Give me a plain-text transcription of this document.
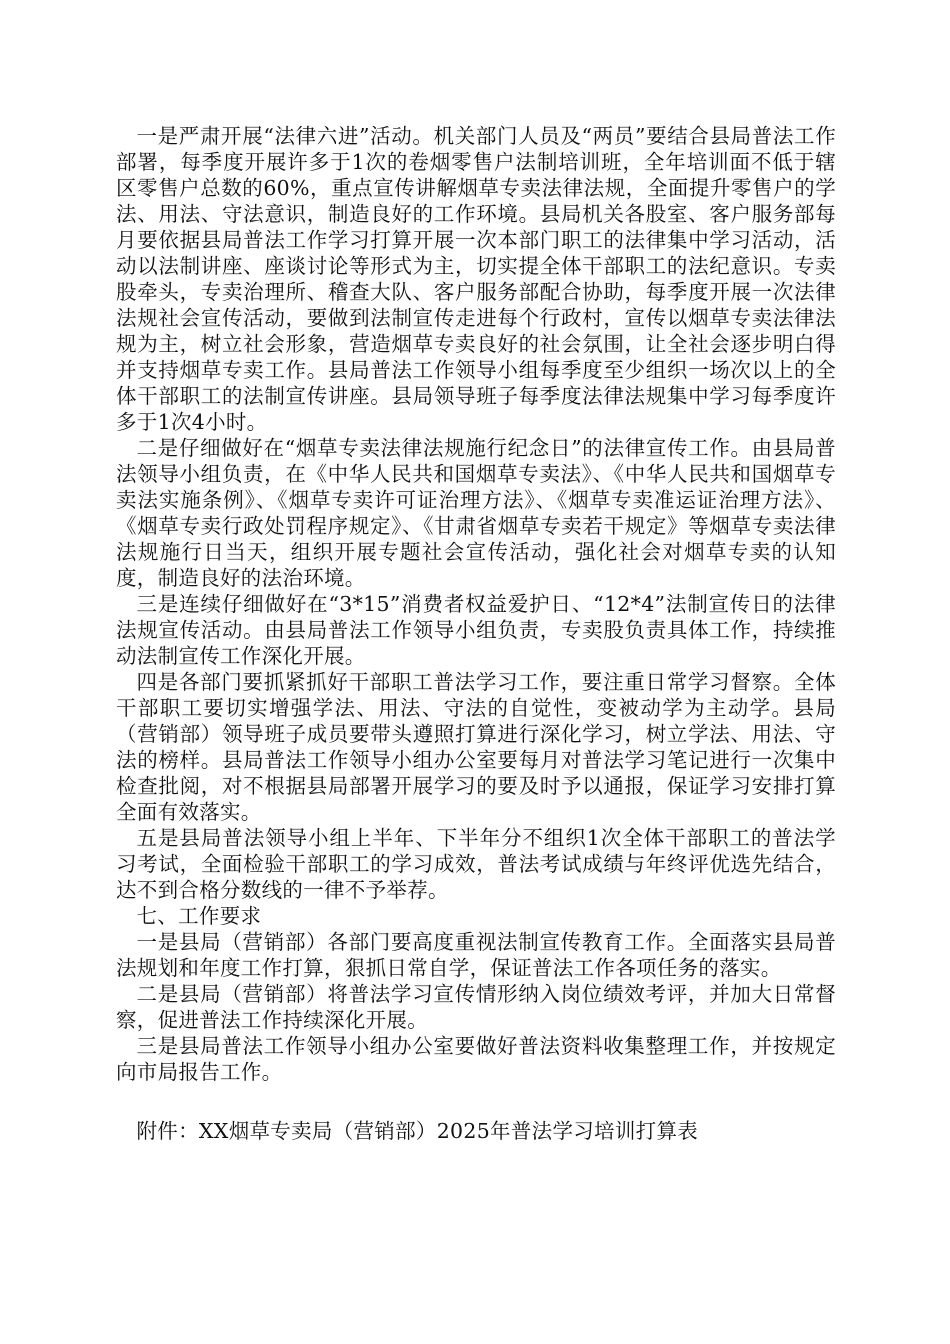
一是严肃开展“法律六进”活动。机关部门人员及“两员”要结合县局普法工作部署，每季度开展许多于1次的卷烟零售户法制培训班，全年培训面不低于辖区零售户总数的60%，重点宣传讲解烟草专卖法律法规，全面提升零售户的学法、用法、守法意识，制造良好的工作环境。县局机关各股室、客户服务部每月要依据县局普法工作学习打算开展一次本部门职工的法律集中学习活动，活动以法制讲座、座谈讨论等形式为主，切实提全体干部职工的法纪意识。专卖股牵头，专卖治理所、稽查大队、客户服务部配合协助，每季度开展一次法律法规社会宣传活动，要做到法制宣传走进每个行政村，宣传以烟草专卖法律法规为主，树立社会形象，营造烟草专卖良好的社会氛围，让全社会逐步明白得并支持烟草专卖工作。县局普法工作领导小组每季度至少组织一场次以上的全体干部职工的法制宣传讲座。县局领导班子每季度法律法规集中学习每季度许多于1次4小时。

二是仔细做好在“烟草专卖法律法规施行纪念日”的法律宣传工作。由县局普法领导小组负责，在《中华人民共和国烟草专卖法》、《中华人民共和国烟草专卖法实施条例》、《烟草专卖许可证治理方法》、《烟草专卖准运证治理方法》、《烟草专卖行政处罚程序规定》、《甘肃省烟草专卖若干规定》等烟草专卖法律法规施行日当天，组织开展专题社会宣传活动，强化社会对烟草专卖的认知度，制造良好的法治环境。

三是连续仔细做好在“3*15”消费者权益爱护日、“12*4”法制宣传日的法律法规宣传活动。由县局普法工作领导小组负责，专卖股负责具体工作，持续推动法制宣传工作深化开展。

四是各部门要抓紧抓好干部职工普法学习工作，要注重日常学习督察。全体干部职工要切实增强学法、用法、守法的自觉性，变被动学为主动学。县局（营销部）领导班子成员要带头遵照打算进行深化学习，树立学法、用法、守法的榜样。县局普法工作领导小组办公室要每月对普法学习笔记进行一次集中检查批阅，对不根据县局部署开展学习的要及时予以通报，保证学习安排打算全面有效落实。

五是县局普法领导小组上半年、下半年分不组织1次全体干部职工的普法学习考试，全面检验干部职工的学习成效，普法考试成绩与年终评优选先结合，达不到合格分数线的一律不予举荐。

七、工作要求

一是县局（营销部）各部门要高度重视法制宣传教育工作。全面落实县局普法规划和年度工作打算，狠抓日常自学，保证普法工作各项任务的落实。

二是县局（营销部）将普法学习宣传情形纳入岗位绩效考评，并加大日常督察，促进普法工作持续深化开展。

三是县局普法工作领导小组办公室要做好普法资料收集整理工作，并按规定向市局报告工作。

附件：XX烟草专卖局（营销部）2025年普法学习培训打算表
